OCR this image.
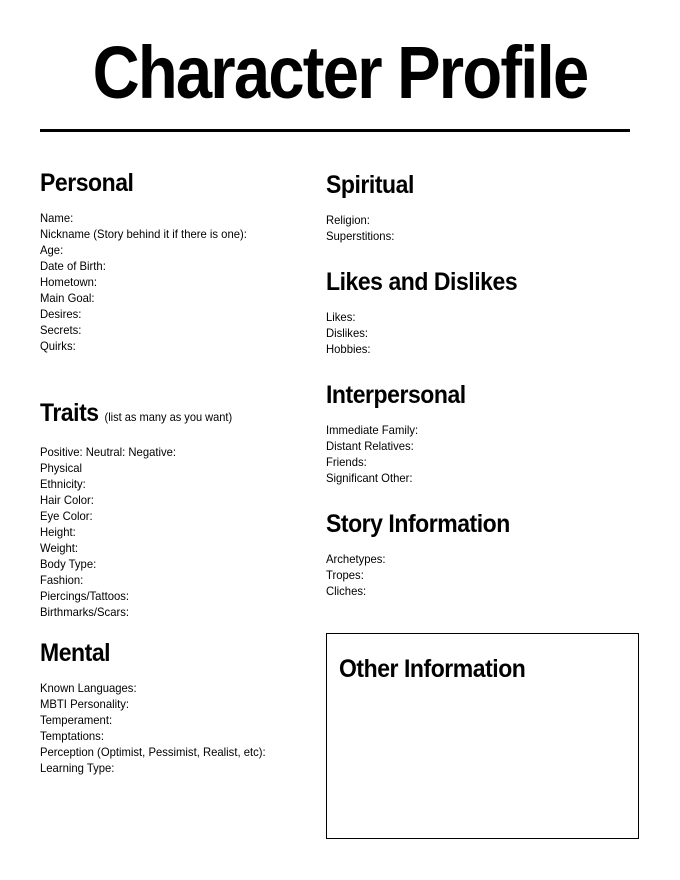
Character Profile
Personal
Name:
Nickname (Story behind it if there is one):
Age:
Date of Birth:
Hometown:
Main Goal:
Desires:
Secrets:
Quirks:
Traits (list as many as you want)
Positive: Neutral: Negative:
Physical
Ethnicity:
Hair Color:
Eye Color:
Height:
Weight:
Body Type:
Fashion:
Piercings/Tattoos:
Birthmarks/Scars:
Mental
Known Languages:
MBTI Personality:
Temperament:
Temptations:
Perception (Optimist, Pessimist, Realist, etc):
Learning Type:
Spiritual
Religion:
Superstitions:
Likes and Dislikes
Likes:
Dislikes:
Hobbies:
Interpersonal
Immediate Family:
Distant Relatives:
Friends:
Significant Other:
Story Information
Archetypes:
Tropes:
Cliches:
Other Information
